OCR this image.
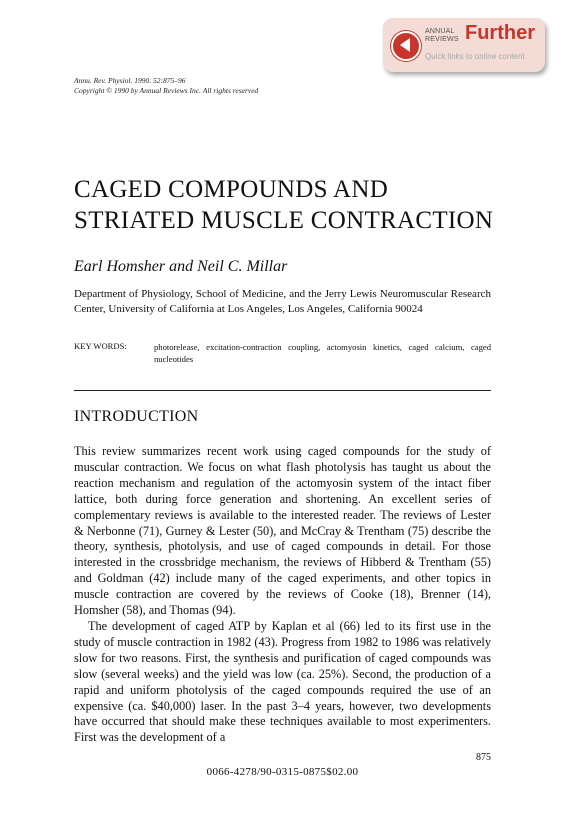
ANNUAL
REVIEWS Further
Quick links to online content
Annu. Rev. Physiol. 1990. 52:875–96
Copyright © 1990 by Annual Reviews Inc. All rights reserved
CAGED COMPOUNDS AND
STRIATED MUSCLE CONTRACTION
Earl Homsher and Neil C. Millar
Department of Physiology, School of Medicine, and the Jerry Lewis Neuromuscular Research Center, University of California at Los Angeles, Los Angeles, California 90024
KEY WORDS:	photorelease, excitation-contraction coupling, actomyosin kinetics, caged calcium, caged nucleotides
INTRODUCTION

This review summarizes recent work using caged compounds for the study of muscular contraction. We focus on what flash photolysis has taught us about the reaction mechanism and regulation of the actomyosin system of the intact fiber lattice, both during force generation and shortening. An excellent series of complementary reviews is available to the interested reader. The reviews of Lester & Nerbonne (71), Gurney & Lester (50), and McCray & Trentham (75) describe the theory, synthesis, photolysis, and use of caged compounds in detail. For those interested in the crossbridge mechanism, the reviews of Hibberd & Trentham (55) and Goldman (42) include many of the caged experiments, and other topics in muscle contraction are covered by the reviews of Cooke (18), Brenner (14), Homsher (58), and Thomas (94).

The development of caged ATP by Kaplan et al (66) led to its first use in the study of muscle contraction in 1982 (43). Progress from 1982 to 1986 was relatively slow for two reasons. First, the synthesis and purification of caged compounds was slow (several weeks) and the yield was low (ca. 25%). Second, the production of a rapid and uniform photolysis of the caged compounds required the use of an expensive (ca. $40,000) laser. In the past 3–4 years, however, two developments have occurred that should make these techniques available to most experimenters. First was the development of a

875
0066-4278/90-0315-0875$02.00
